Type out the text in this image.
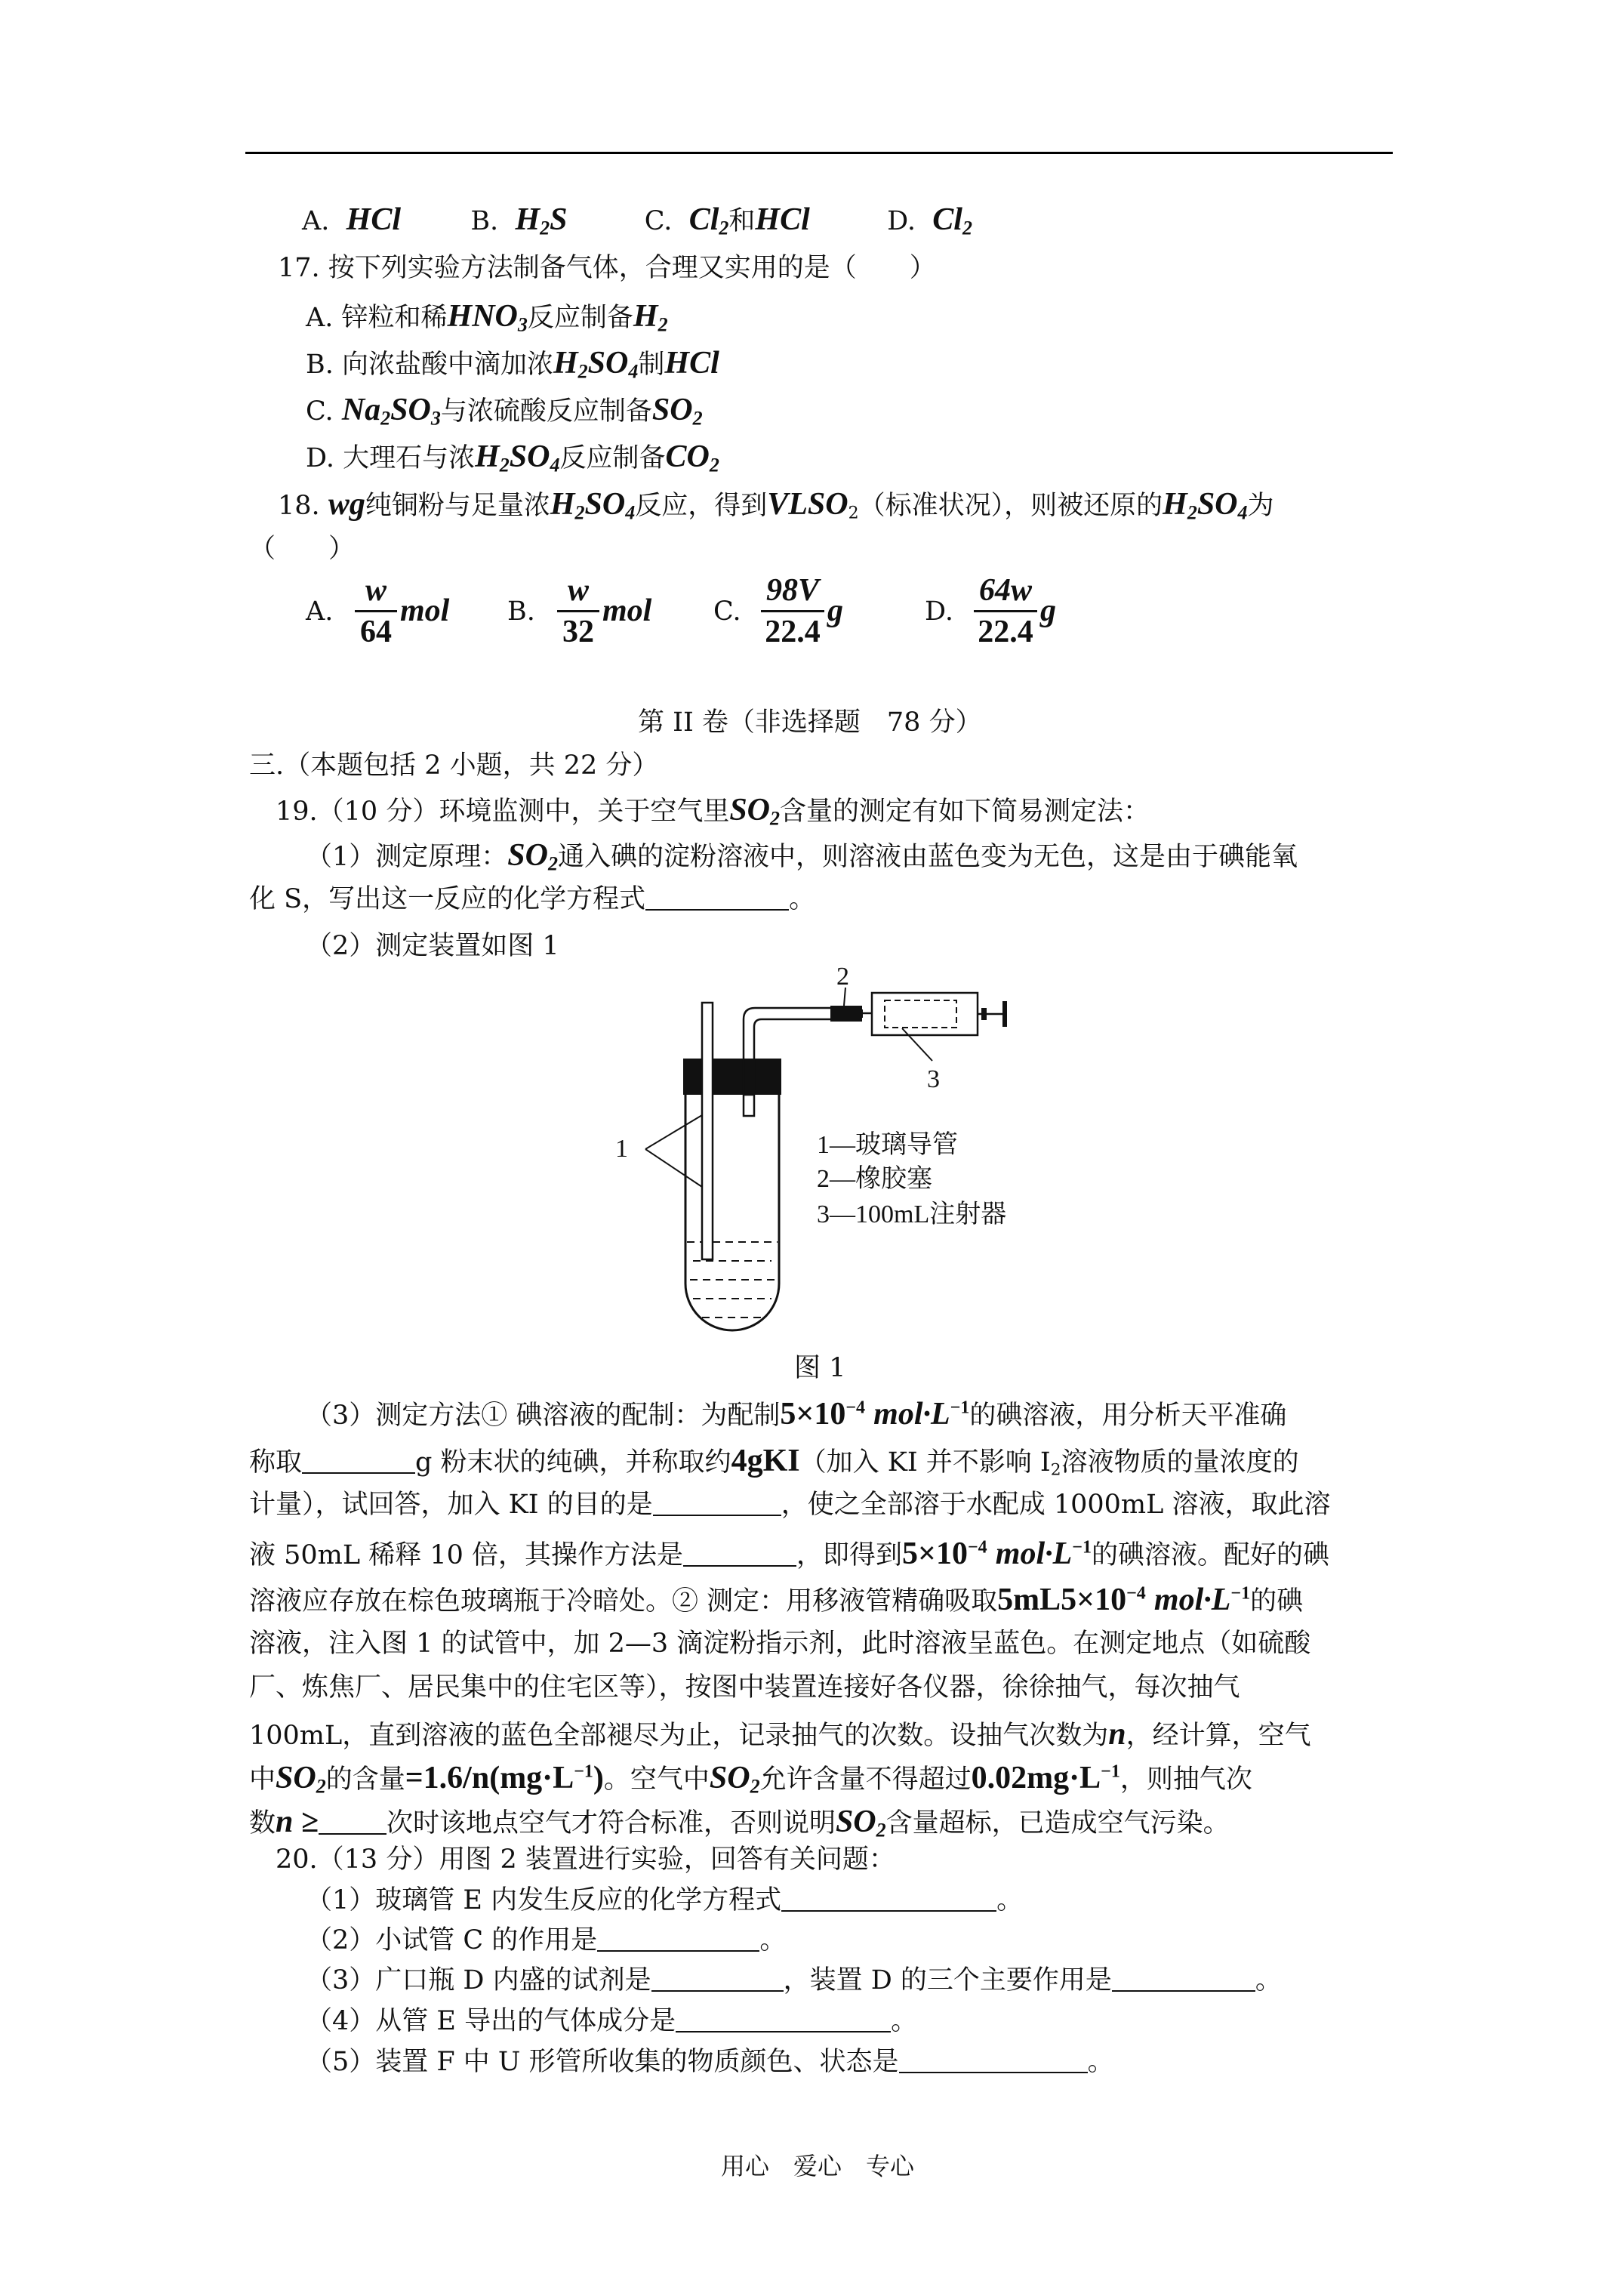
A. HCl	B. $H_2S$	C. $Cl_2$和HCl	D. $Cl_2$
17. 按下列实验方法制备气体，合理又实用的是（　　）
A. 锌粒和稀$HNO_3$反应制备$H_2$
B. 向浓盐酸中滴加浓$H_2SO_4$制HCl
C. $Na_2SO_3$与浓硫酸反应制备$SO_2$
D. 大理石与浓$H_2SO_4$反应制备$CO_2$
18. wg纯铜粉与足量浓$H_2SO_4$反应，得到$VLSO_2$（标准状况），则被还原的$H_2SO_4$为
（　　）
A.
w
64
mol B.
w
32
mol C.
98V
22.4
g	D.
64w
22.4
g
第 II 卷（非选择题　78 分）
三.（本题包括 2 小题，共 22 分）
19.（10 分）环境监测中，关于空气里$SO_2$含量的测定有如下简易测定法：
（1）测定原理：$SO_2$通入碘的淀粉溶液中，则溶液由蓝色变为无色，这是由于碘能氧
化 S，写出这一反应的化学方程式	。
（2）测定装置如图 1
2
3
1	1—玻璃导管
2—橡胶塞
3—100mL注射器
图 1
（3）测定方法① 碘溶液的配制：为配制5×10$^{-4}$ mol·L$^{-1}$的碘溶液，用分析天平准确
称取	g 粉末状的纯碘，并称取约4gKI（加入 KI 并不影响 $I_2$溶液物质的量浓度的
计量），试回答，加入 KI 的目的是	，使之全部溶于水配成 1000mL 溶液，取此溶
液 50mL 稀释 10 倍，其操作方法是	，即得到5×10$^{-4}$ mol·L$^{-1}$的碘溶液。配好的碘
溶液应存放在棕色玻璃瓶于冷暗处。② 测定：用移液管精确吸取5mL5×10$^{-4}$ mol·L$^{-1}$的碘
溶液，注入图 1 的试管中，加 2—3 滴淀粉指示剂，此时溶液呈蓝色。在测定地点（如硫酸
厂、炼焦厂、居民集中的住宅区等），按图中装置连接好各仪器，徐徐抽气，每次抽气
100mL，直到溶液的蓝色全部褪尽为止，记录抽气的次数。设抽气次数为n，经计算，空气
中$SO_2$的含量=1.6/n(mg·L$^{-1}$)。空气中$SO_2$允许含量不得超过0.02mg·L$^{-1}$，则抽气次
数n ≥	次时该地点空气才符合标准，否则说明$SO_2$含量超标，已造成空气污染。
20.（13 分）用图 2 装置进行实验，回答有关问题：
（1）玻璃管 E 内发生反应的化学方程式	。
（2）小试管 C 的作用是	。
（3）广口瓶 D 内盛的试剂是	，装置 D 的三个主要作用是	。
（4）从管 E 导出的气体成分是	。
（5）装置 F 中 U 形管所收集的物质颜色、状态是	。
用心　爱心　专心
